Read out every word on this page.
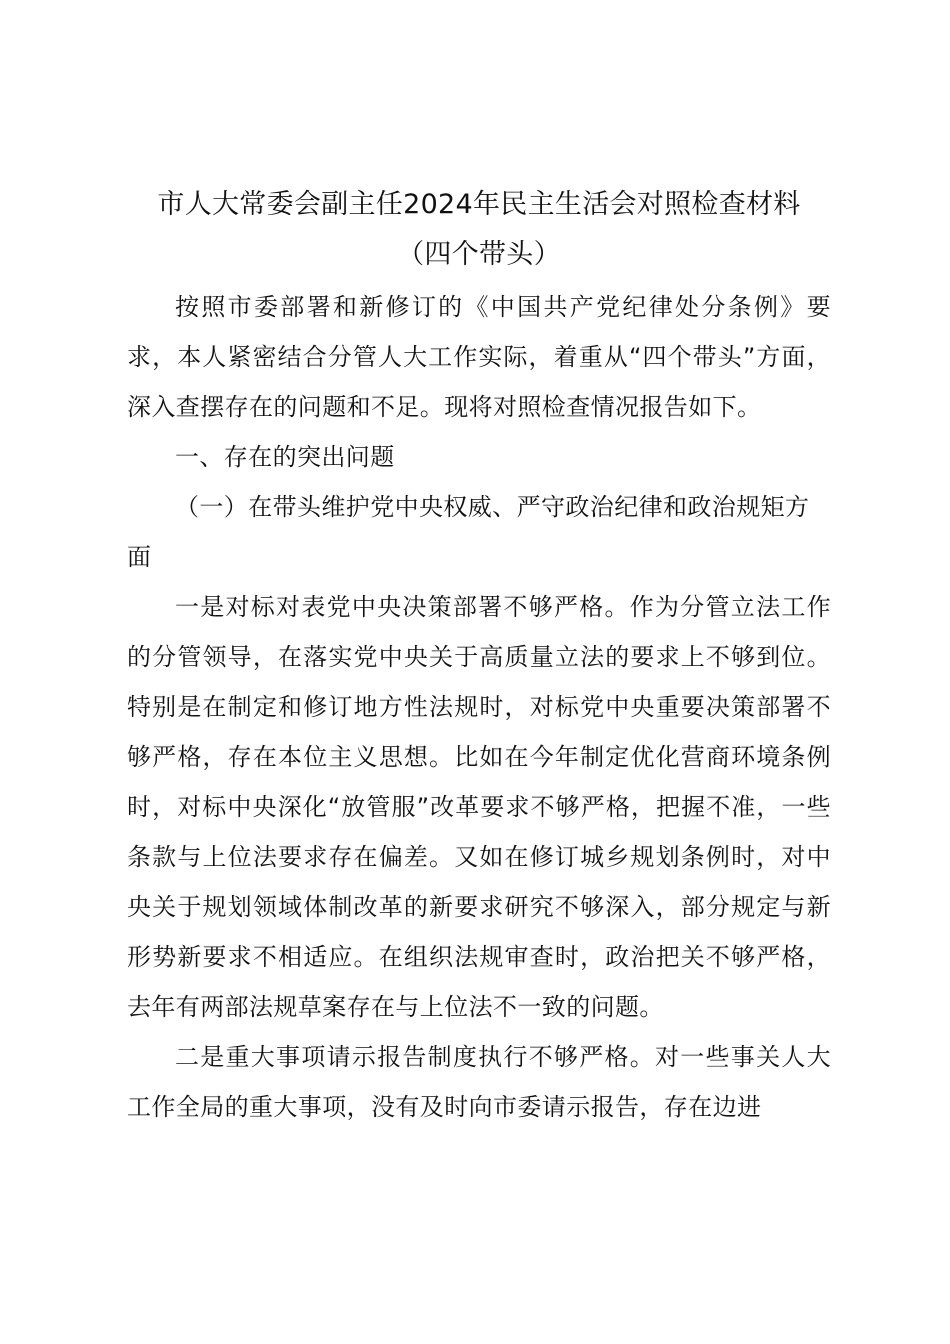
市人大常委会副主任2024年民主生活会对照检查材料
（四个带头）

按照市委部署和新修订的《中国共产党纪律处分条例》要求，本人紧密结合分管人大工作实际，着重从“四个带头”方面，深入查摆存在的问题和不足。现将对照检查情况报告如下。

一、存在的突出问题

（一）在带头维护党中央权威、严守政治纪律和政治规矩方面

一是对标对表党中央决策部署不够严格。作为分管立法工作的分管领导，在落实党中央关于高质量立法的要求上不够到位。特别是在制定和修订地方性法规时，对标党中央重要决策部署不够严格，存在本位主义思想。比如在今年制定优化营商环境条例时，对标中央深化“放管服”改革要求不够严格，把握不准，一些条款与上位法要求存在偏差。又如在修订城乡规划条例时，对中央关于规划领域体制改革的新要求研究不够深入，部分规定与新形势新要求不相适应。在组织法规审查时，政治把关不够严格，去年有两部法规草案存在与上位法不一致的问题。

二是重大事项请示报告制度执行不够严格。对一些事关人大工作全局的重大事项，没有及时向市委请示报告，存在边进
